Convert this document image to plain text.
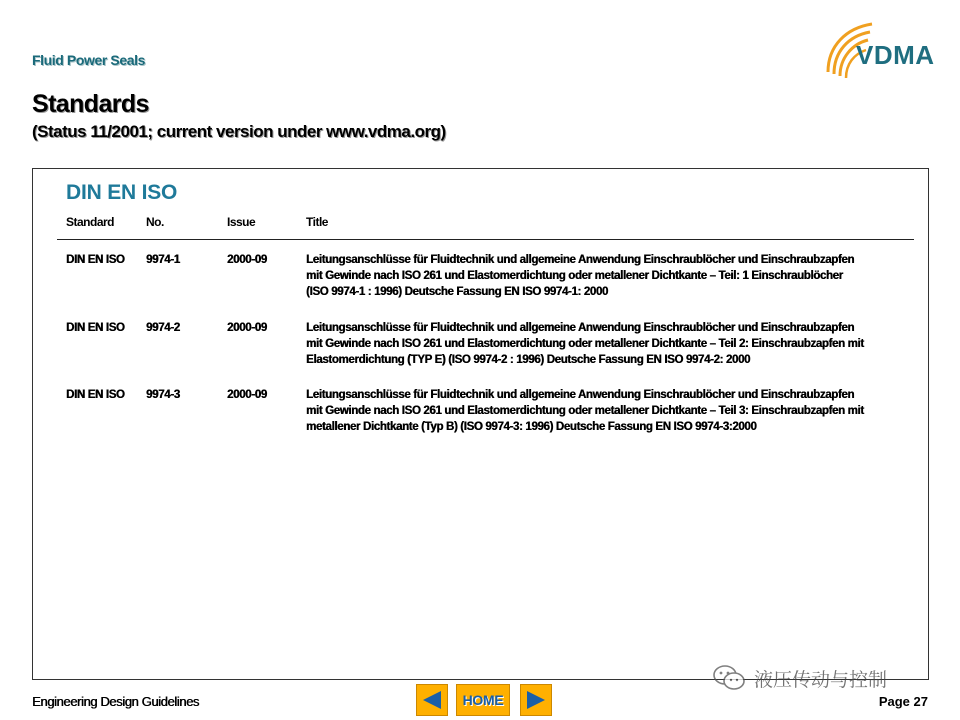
Fluid Power Seals
Standards
(Status 11/2001; current version under www.vdma.org)
VDMA
DIN EN ISO
Standard	No.	Issue	Title
DIN EN ISO 9974-1	2000-09	Leitungsanschlüsse für Fluidtechnik und allgemeine Anwendung Einschraublöcher und Einschraubzapfen mit Gewinde nach ISO 261 und Elastomerdichtung oder metallener Dichtkante – Teil: 1 Einschraublöcher (ISO 9974-1 : 1996) Deutsche Fassung EN ISO 9974-1: 2000
DIN EN ISO 9974-2	2000-09	Leitungsanschlüsse für Fluidtechnik und allgemeine Anwendung Einschraublöcher und Einschraubzapfen mit Gewinde nach ISO 261 und Elastomerdichtung oder metallener Dichtkante – Teil 2: Einschraubzapfen mit Elastomerdichtung (TYP E) (ISO 9974-2 : 1996) Deutsche Fassung EN ISO 9974-2: 2000
DIN EN ISO 9974-3	2000-09	Leitungsanschlüsse für Fluidtechnik und allgemeine Anwendung Einschraublöcher und Einschraubzapfen mit Gewinde nach ISO 261 und Elastomerdichtung oder metallener Dichtkante – Teil 3: Einschraubzapfen mit metallener Dichtkante (Typ B) (ISO 9974-3: 1996) Deutsche Fassung EN ISO 9974-3:2000
Engineering Design Guidelines	HOME
液压传动与控制
Page 27
